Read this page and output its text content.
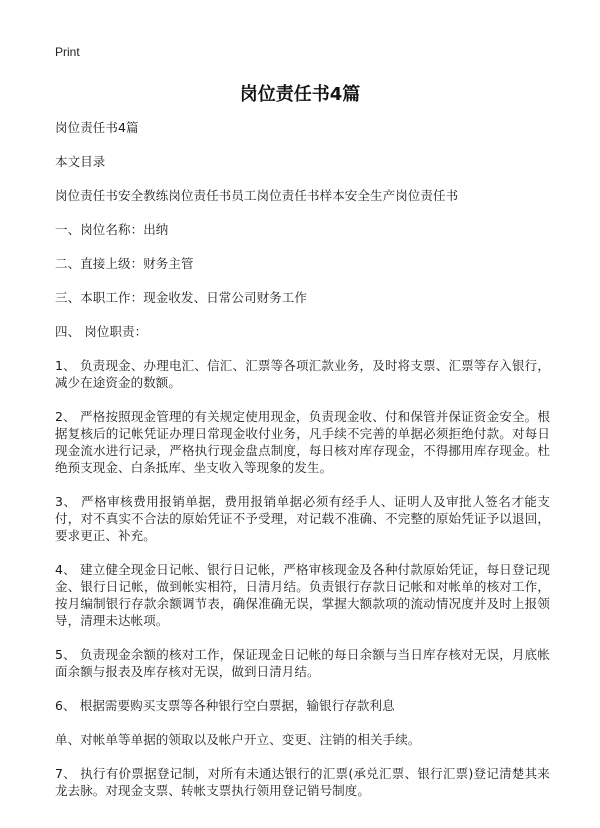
Print
岗位责任书4篇

岗位责任书4篇

本文目录

岗位责任书安全教练岗位责任书员工岗位责任书样本安全生产岗位责任书

一、岗位名称：出纳

二、直接上级：财务主管

三、本职工作：现金收发、日常公司财务工作

四、 岗位职责：

1、 负责现金、办理电汇、信汇、汇票等各项汇款业务，及时将支票、汇票等存入银行，减少在途资金的数额。

2、 严格按照现金管理的有关规定使用现金，负责现金收、付和保管并保证资金安全。根据复核后的记帐凭证办理日常现金收付业务，凡手续不完善的单据必须拒绝付款。对每日现金流水进行记录，严格执行现金盘点制度，每日核对库存现金，不得挪用库存现金。杜绝预支现金、白条抵库、坐支收入等现象的发生。

3、 严格审核费用报销单据，费用报销单据必须有经手人、证明人及审批人签名才能支付，对不真实不合法的原始凭证不予受理，对记载不准确、不完整的原始凭证予以退回，要求更正、补充。

4、 建立健全现金日记帐、银行日记帐，严格审核现金及各种付款原始凭证，每日登记现金、银行日记帐，做到帐实相符，日清月结。负责银行存款日记帐和对帐单的核对工作，按月编制银行存款余额调节表，确保准确无误，掌握大额款项的流动情况度并及时上报领导，清理未达帐项。

5、 负责现金余额的核对工作，保证现金日记帐的每日余额与当日库存核对无误，月底帐面余额与报表及库存核对无误，做到日清月结。

6、 根据需要购买支票等各种银行空白票据，输银行存款利息

单、对帐单等单据的领取以及帐户开立、变更、注销的相关手续。

7、 执行有价票据登记制，对所有未通达银行的汇票(承兑汇票、银行汇票)登记清楚其来龙去脉。对现金支票、转帐支票执行领用登记销号制度。
